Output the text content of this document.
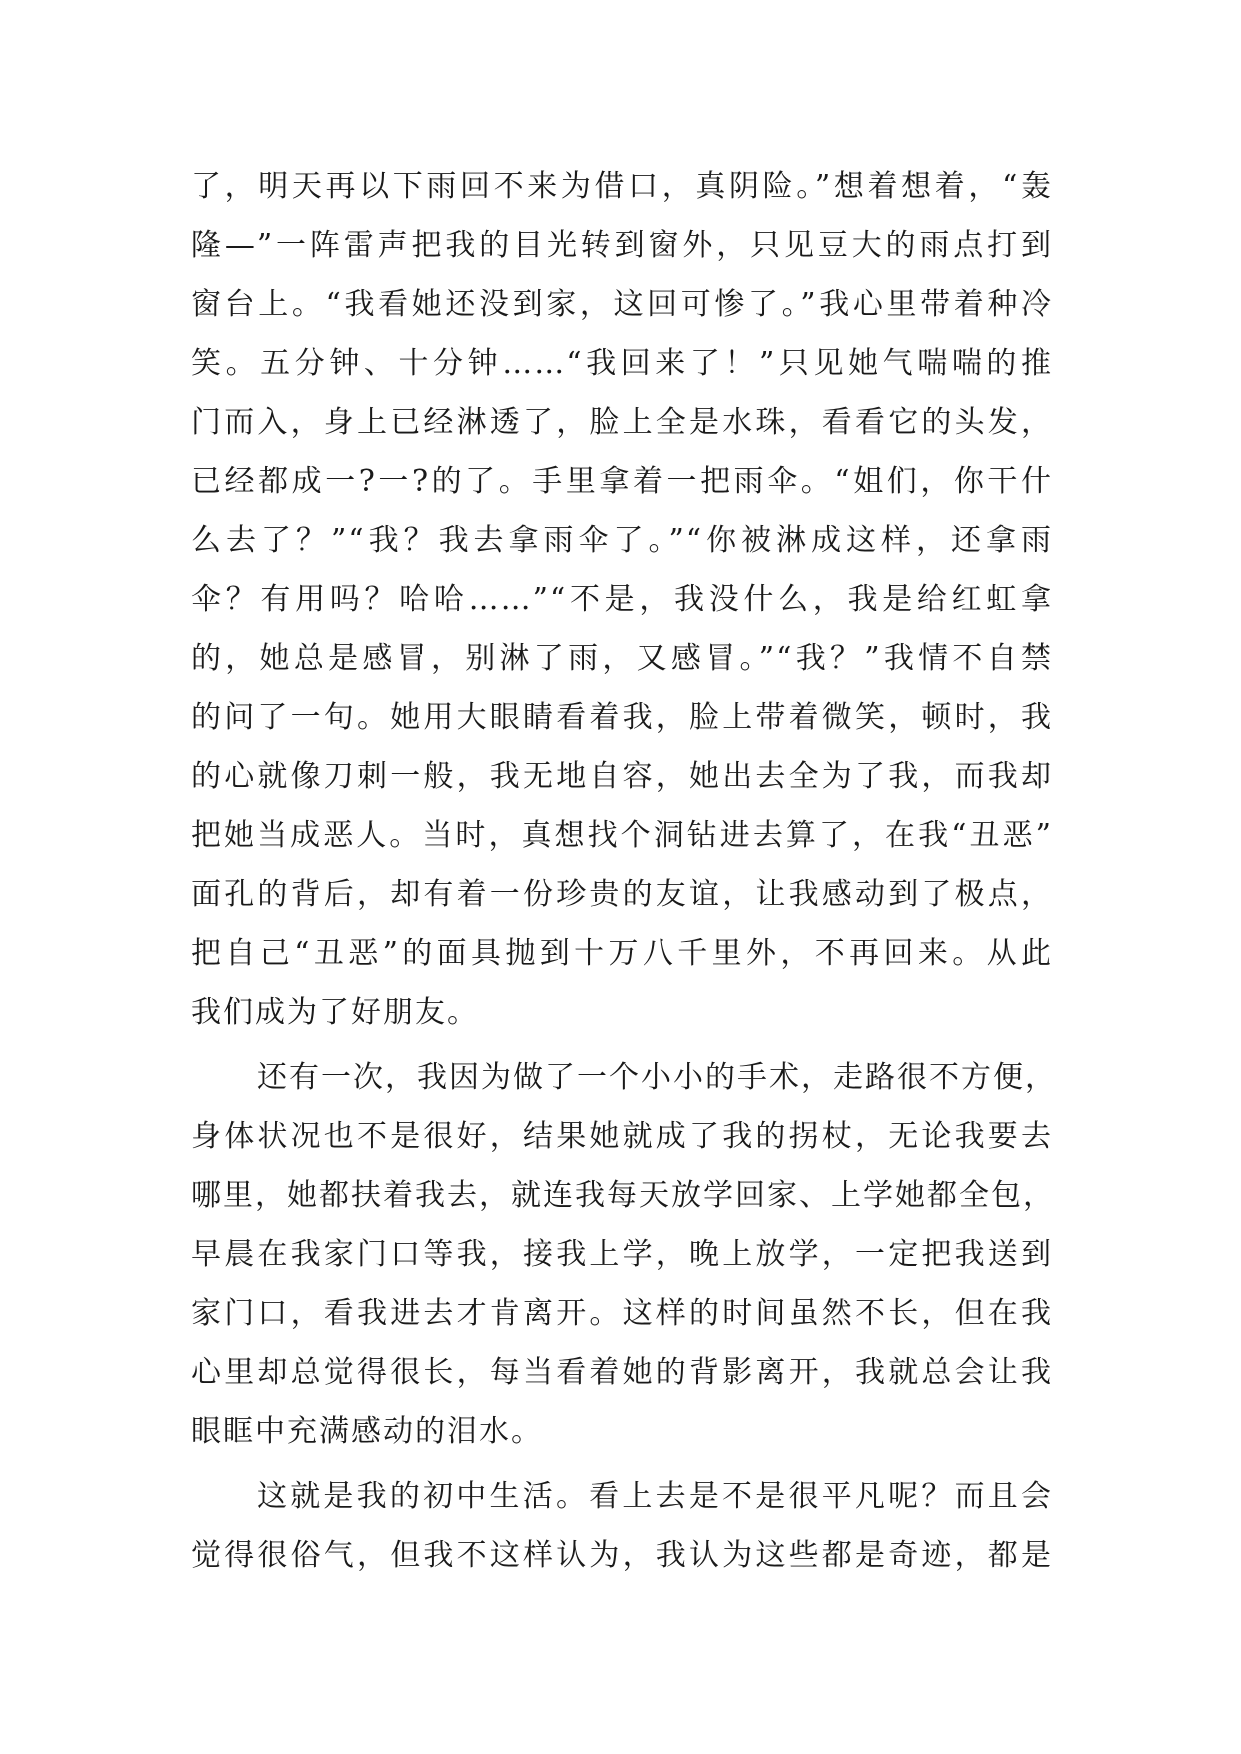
了，明天再以下雨回不来为借口，真阴险。”想着想着，“轰
隆—”一阵雷声把我的目光转到窗外，只见豆大的雨点打到
窗台上。“我看她还没到家，这回可惨了。”我心里带着种冷
笑。五分钟、十分钟……“我回来了！”只见她气喘喘的推
门而入，身上已经淋透了，脸上全是水珠，看看它的头发，
已经都成一?一?的了。手里拿着一把雨伞。“姐们，你干什
么去了？”“我？我去拿雨伞了。”“你被淋成这样，还拿雨
伞？有用吗？哈哈……”“不是，我没什么，我是给红虹拿
的，她总是感冒，别淋了雨，又感冒。”“我？”我情不自禁
的问了一句。她用大眼睛看着我，脸上带着微笑，顿时，我
的心就像刀刺一般，我无地自容，她出去全为了我，而我却
把她当成恶人。当时，真想找个洞钻进去算了，在我“丑恶”
面孔的背后，却有着一份珍贵的友谊，让我感动到了极点，
把自己“丑恶”的面具抛到十万八千里外，不再回来。从此
我们成为了好朋友。
还有一次，我因为做了一个小小的手术，走路很不方便，
身体状况也不是很好，结果她就成了我的拐杖，无论我要去
哪里，她都扶着我去，就连我每天放学回家、上学她都全包，
早晨在我家门口等我，接我上学，晚上放学，一定把我送到
家门口，看我进去才肯离开。这样的时间虽然不长，但在我
心里却总觉得很长，每当看着她的背影离开，我就总会让我
眼眶中充满感动的泪水。
这就是我的初中生活。看上去是不是很平凡呢？而且会
觉得很俗气，但我不这样认为，我认为这些都是奇迹，都是
